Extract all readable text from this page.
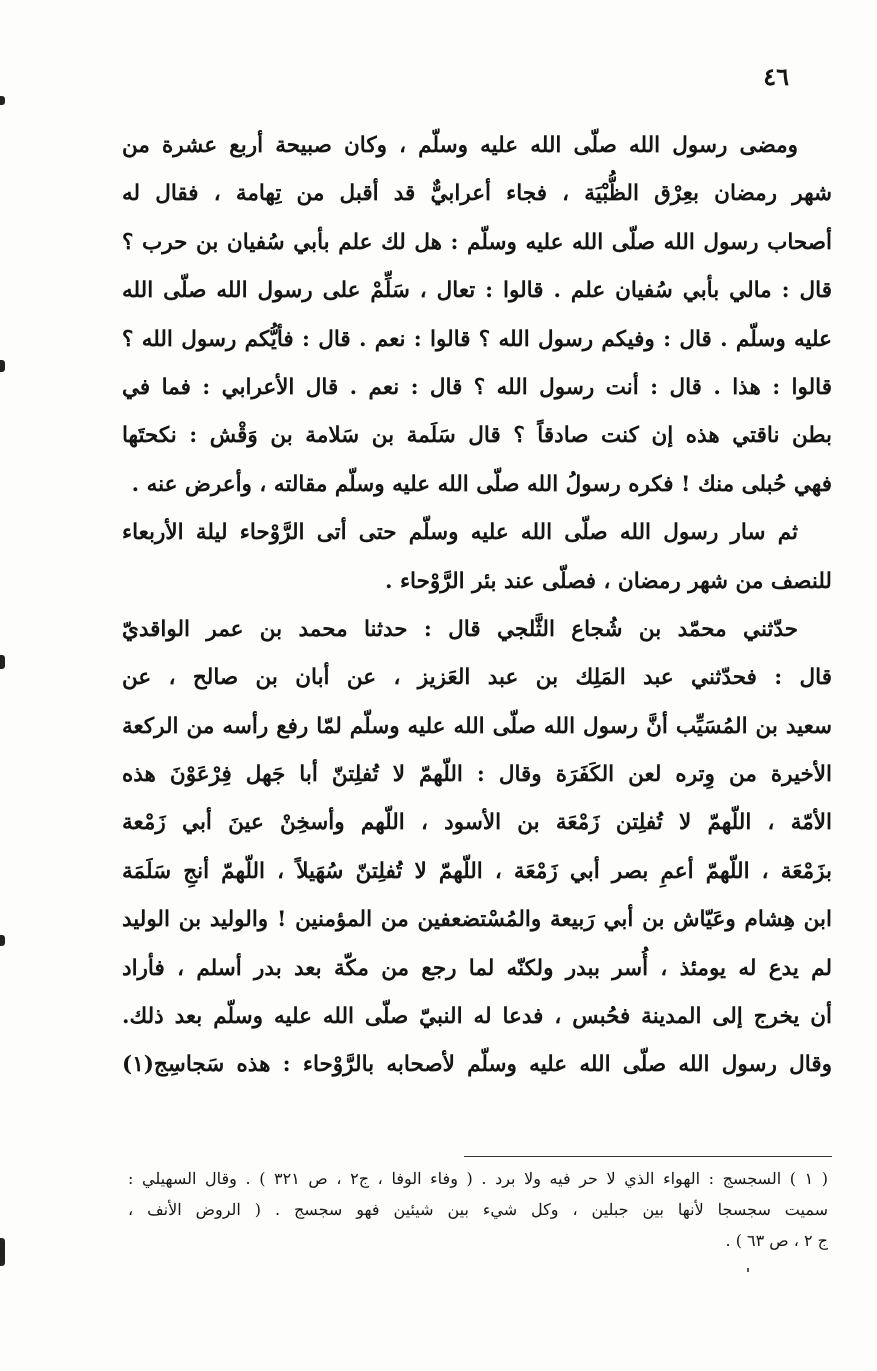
٤٦
ومضى رسول الله صلّى الله عليه وسلّم ، وكان صبيحة أربع عشرة من
شهر رمضان بعِرْق الظُّبْيَة ، فجاء أعرابيٌّ قد أقبل من تِهامة ، فقال له
أصحاب رسول الله صلّى الله عليه وسلّم : هل لك علم بأبي سُفيان بن حرب ؟
قال : مالي بأبي سُفيان علم . قالوا : تعال ، سَلِّمْ على رسول الله صلّى الله
عليه وسلّم . قال : وفيكم رسول الله ؟ قالوا : نعم . قال : فأيُّكم رسول الله ؟
قالوا : هذا . قال : أنت رسول الله ؟ قال : نعم . قال الأعرابي : فما في
بطن ناقتي هذه إن كنت صادقاً ؟ قال سَلَمة بن سَلامة بن وَقْش : نكحتَها
فهي حُبلى منك ! فكره رسولُ الله صلّى الله عليه وسلّم مقالته ، وأعرض عنه .
ثم سار رسول الله صلّى الله عليه وسلّم حتى أتى الرَّوْحاء ليلة الأربعاء
للنصف من شهر رمضان ، فصلّى عند بئر الرَّوْحاء .
حدّثني محمّد بن شُجاع الثَّلجي قال : حدثنا محمد بن عمر الواقديّ
قال : فحدّثني عبد المَلِك بن عبد العَزيز ، عن أبان بن صالح ، عن
سعيد بن المُسَيِّب أنَّ رسول الله صلّى الله عليه وسلّم لمّا رفع رأسه من الركعة
الأخيرة من وِتره لعن الكَفَرَة وقال : اللّهمّ لا تُفلِتنّ أبا جَهل فِرْعَوْنَ هذه
الأمّة ، اللّهمّ لا تُفلِتن زَمْعَة بن الأسود ، اللّهم وأسخِنْ عينَ أبي زَمْعة
بزَمْعَة ، اللّهمّ أعمِ بصر أبي زَمْعَة ، اللّهمّ لا تُفلِتنّ سُهَيلاً ، اللّهمّ أنجِ سَلَمَة
ابن هِشام وعَيّاش بن أبي رَبيعة والمُسْتضعفين من المؤمنين ! والوليد بن الوليد
لم يدع له يومئذ ، أُسر ببدر ولكنّه لما رجع من مكّة بعد بدر أسلم ، فأراد
أن يخرج إلى المدينة فحُبس ، فدعا له النبيّ صلّى الله عليه وسلّم بعد ذلك.
وقال رسول الله صلّى الله عليه وسلّم لأصحابه بالرَّوْحاء : هذه سَجاسِج(١)
( ١ ) السجسج : الهواء الذي لا حر فيه ولا برد . ( وفاء الوفا ، ج٢ ، ص ٣٢١ ) . وقال السهيلي :
سميت سجسجا لأنها بين جبلين ، وكل شيء بين شيئين فهو سجسج . ( الروض الأنف ،
ج ٢ ، ص ٦٣ ) .
